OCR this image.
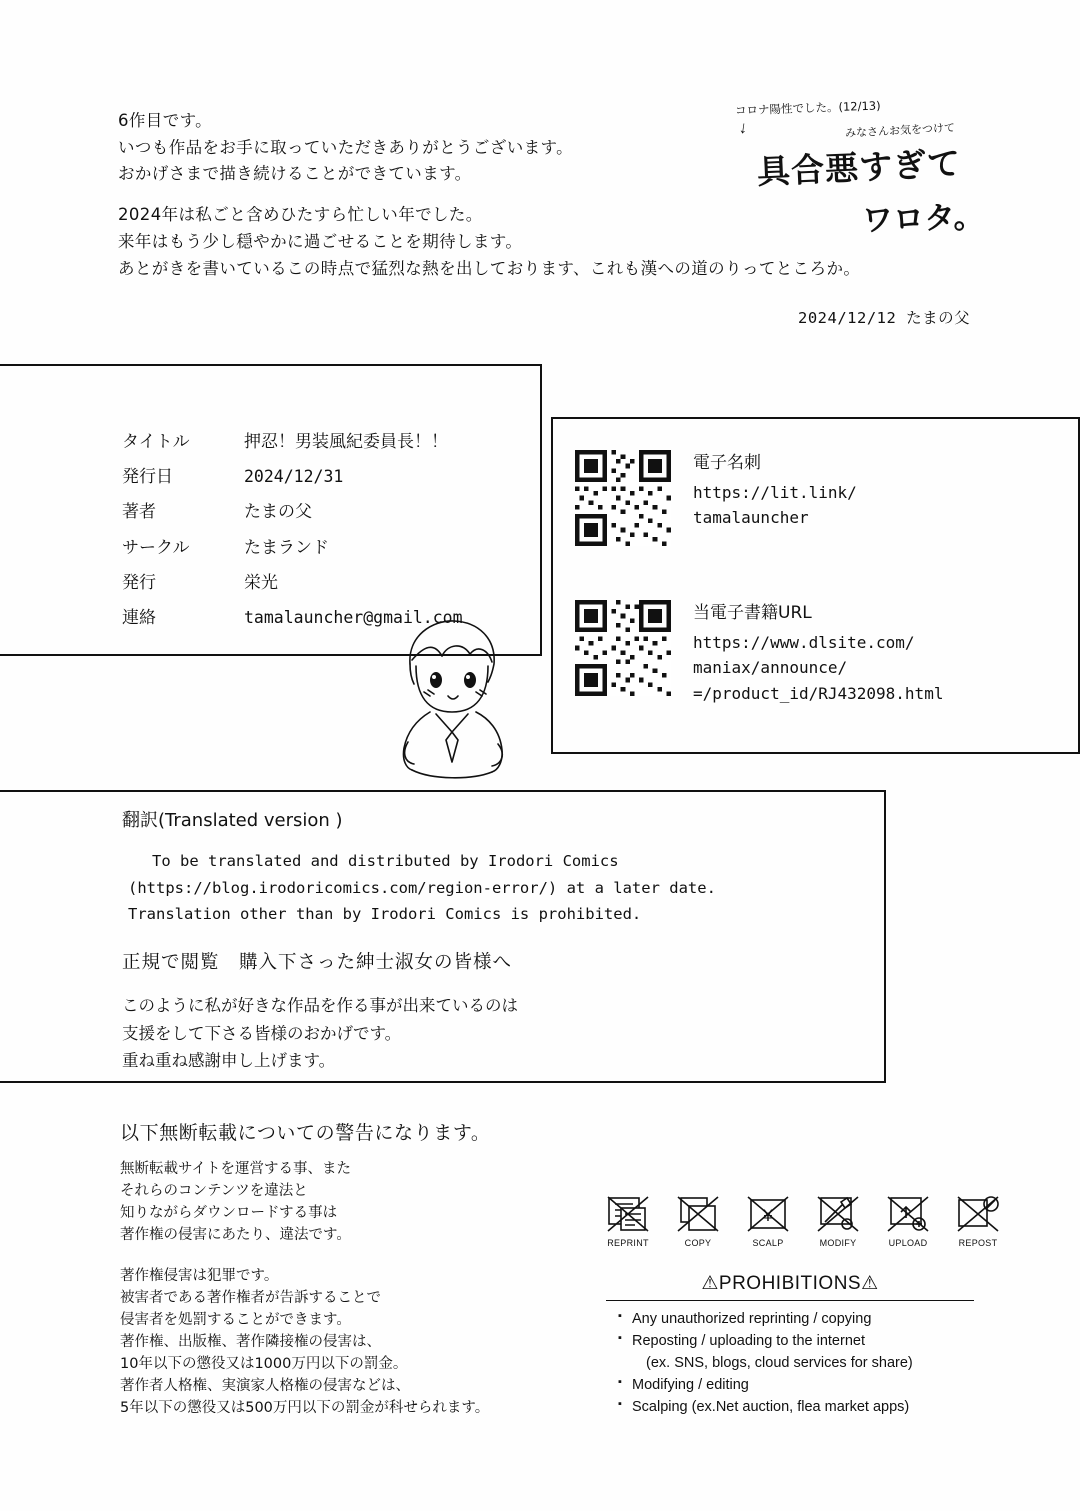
6作目です。
いつも作品をお手に取っていただきありがとうございます。
おかげさまで描き続けることができています。
2024年は私ごと含めひたすら忙しい年でした。
来年はもう少し穏やかに過ごせることを期待します。
あとがきを書いているこの時点で猛烈な熱を出しております、これも漢への道のりってところか。
コロナ陽性でした。(12/13)
↓	みなさんお気をつけて
具合悪すぎて
ワロタ。
2024/12/12 たまの父
タイトル	押忍！男装風紀委員長！！
発行日	2024/12/31
著者	たまの父
サークル	たまランド
発行	栄光
連絡	tamalauncher@gmail.com
電子名刺
https://lit.link/
tamalauncher
当電子書籍URL
https://www.dlsite.com/
maniax/announce/
=/product_id/RJ432098.html
翻訳(Translated version )
To be translated and distributed by Irodori Comics
(https://blog.irodoricomics.com/region-error/) at a later date.
Translation other than by Irodori Comics is prohibited.
正規で閲覧　購入下さった紳士淑女の皆様へ
このように私が好きな作品を作る事が出来ているのは
支援をして下さる皆様のおかげです。
重ね重ね感謝申し上げます。
以下無断転載についての警告になります。
無断転載サイトを運営する事、また
それらのコンテンツを違法と
知りながらダウンロードする事は
著作権の侵害にあたり、違法です。
著作権侵害は犯罪です。
被害者である著作権者が告訴することで
侵害者を処罰することができます。
著作権、出版権、著作隣接権の侵害は、
10年以下の懲役又は1000万円以下の罰金。
著作者人格権、実演家人格権の侵害などは、
5年以下の懲役又は500万円以下の罰金が科せられます。
REPRINT	COPY
¥
SCALP	MODIFY	UPLOAD	REPOST
⚠PROHIBITIONS⚠
▪ Any unauthorized reprinting / copying
▪ Reposting / uploading to the internet
(ex. SNS, blogs, cloud services for share)
▪ Modifying / editing
▪ Scalping (ex.Net auction, flea market apps)
